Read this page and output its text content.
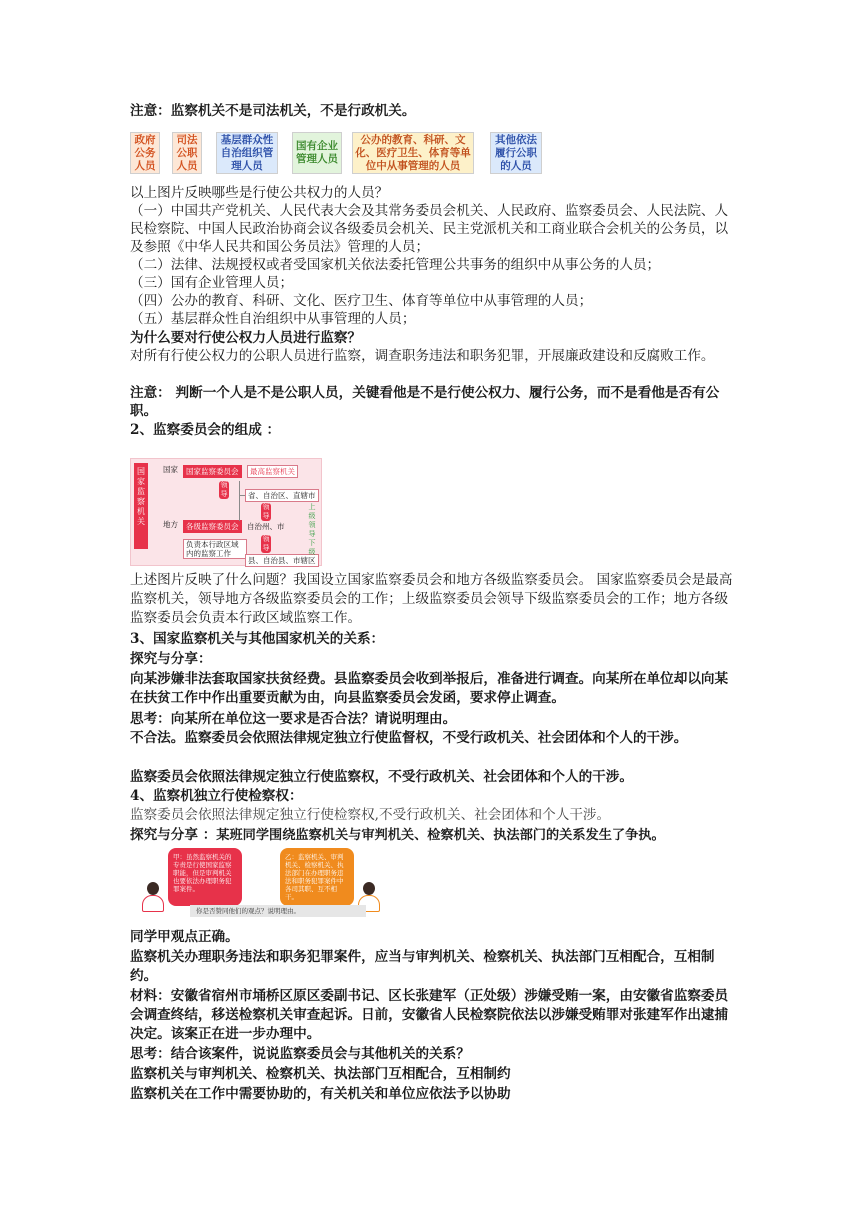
注意：监察机关不是司法机关，不是行政机关。
政府公务人员
司法公职人员
基层群众性自治组织管理人员
国有企业管理人员
公办的教育、科研、文化、医疗卫生、体育等单位中从事管理的人员
其他依法履行公职的人员
以上图片反映哪些是行使公共权力的人员？
（一）中国共产党机关、人民代表大会及其常务委员会机关、人民政府、监察委员会、人民法院、人民检察院、中国人民政治协商会议各级委员会机关、民主党派机关和工商业联合会机关的公务员，以及参照《中华人民共和国公务员法》管理的人员；
（二）法律、法规授权或者受国家机关依法委托管理公共事务的组织中从事公务的人员；
（三）国有企业管理人员；
（四）公办的教育、科研、文化、医疗卫生、体育等单位中从事管理的人员；
（五）基层群众性自治组织中从事管理的人员；
为什么要对行使公权力人员进行监察？
对所有行使公权力的公职人员进行监察，调查职务违法和职务犯罪，开展廉政建设和反腐败工作。
注意： 判断一个人是不是公职人员，关键看他是不是行使公权力、履行公务，而不是看他是否有公职。
2、监察委员会的组成 ：
国家监察机关
国家	国家监察委员会	最高监察机关
领导
地方	各级监察委员会
负责本行政区域内的监察工作
省、自治区、直辖市
领导
自治州、市
领导
县、自治县、市辖区
上级领导下级
上述图片反映了什么问题？我国设立国家监察委员会和地方各级监察委员会。 国家监察委员会是最高监察机关，领导地方各级监察委员会的工作；上级监察委员会领导下级监察委员会的工作；地方各级监察委员会负责本行政区域监察工作。
3、国家监察机关与其他国家机关的关系：
探究与分享：
向某涉嫌非法套取国家扶贫经费。县监察委员会收到举报后，准备进行调查。向某所在单位却以向某在扶贫工作中作出重要贡献为由，向县监察委员会发函，要求停止调查。
思考：向某所在单位这一要求是否合法？请说明理由。
不合法。监察委员会依照法律规定独立行使监督权，不受行政机关、社会团体和个人的干涉。
监察委员会依照法律规定独立行使监察权，不受行政机关、社会团体和个人的干涉。
4、监察机独立行使检察权：
监察委员会依照法律规定独立行使检察权,不受行政机关、社会团体和个人干涉。
探究与分享 ：某班同学围绕监察机关与审判机关、检察机关、执法部门的关系发生了争执。
甲：虽然监察机关的专责是行使国家监察职能，但是审判机关也要依法办理职务犯罪案件。
乙：监察机关、审判机关、检察机关、执法部门在办理职务违法和职务犯罪案件中各司其职、互不相干。
你是否赞同他们的观点？说明理由。
同学甲观点正确。
监察机关办理职务违法和职务犯罪案件，应当与审判机关、检察机关、执法部门互相配合，互相制约。
材料：安徽省宿州市埇桥区原区委副书记、区长张建军（正处级）涉嫌受贿一案，由安徽省监察委员会调查终结，移送检察机关审查起诉。日前，安徽省人民检察院依法以涉嫌受贿罪对张建军作出逮捕决定。该案正在进一步办理中。
思考：结合该案件，说说监察委员会与其他机关的关系？
监察机关与审判机关、检察机关、执法部门互相配合，互相制约
监察机关在工作中需要协助的，有关机关和单位应依法予以协助
